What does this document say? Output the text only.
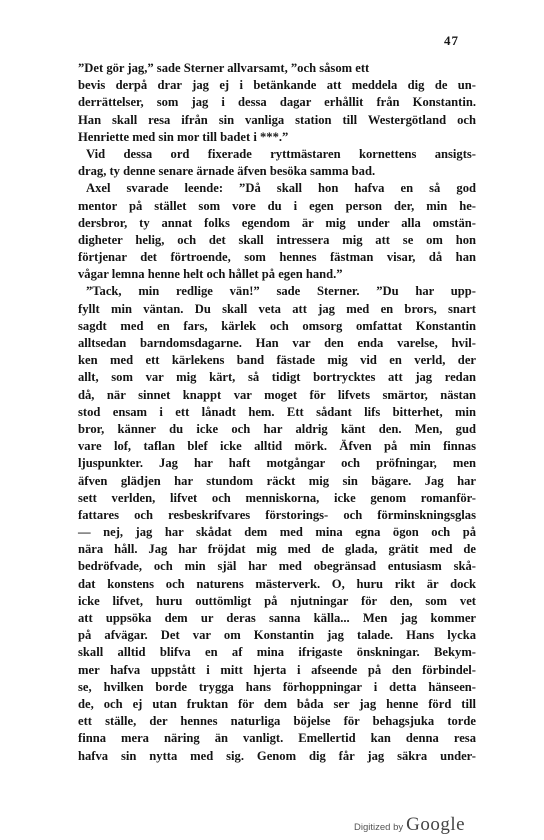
47
”Det gör jag,” sade Sterner allvarsamt, ”och såsom ett
bevis derpå drar jag ej i betänkande att meddela dig de un-
derrättelser, som jag i dessa dagar erhållit från Konstantin.
Han skall resa ifrån sin vanliga station till Westergötland och
Henriette med sin mor till badet i ***.”
Vid dessa ord fixerade ryttmästaren kornettens ansigts-
drag, ty denne senare ärnade äfven besöka samma bad.
Axel svarade leende: ”Då skall hon hafva en så god
mentor på stället som vore du i egen person der, min he-
dersbror, ty annat folks egendom är mig under alla omstän-
digheter helig, och det skall intressera mig att se om hon
förtjenar det förtroende, som hennes fästman visar, då han
vågar lemna henne helt och hållet på egen hand.”
”Tack, min redlige vän!” sade Sterner. ”Du har upp-
fyllt min väntan. Du skall veta att jag med en brors, snart
sagdt med en fars, kärlek och omsorg omfattat Konstantin
alltsedan barndomsdagarne. Han var den enda varelse, hvil-
ken med ett kärlekens band fästade mig vid en verld, der
allt, som var mig kärt, så tidigt bortrycktes att jag redan
då, när sinnet knappt var moget för lifvets smärtor, nästan
stod ensam i ett lånadt hem. Ett sådant lifs bitterhet, min
bror, känner du icke och har aldrig känt den. Men, gud
vare lof, taflan blef icke alltid mörk. Äfven på min finnas
ljuspunkter. Jag har haft motgångar och pröfningar, men
äfven glädjen har stundom räckt mig sin bägare. Jag har
sett verlden, lifvet och menniskorna, icke genom romanför-
fattares och resbeskrifvares förstorings- och förminskningsglas
— nej, jag har skådat dem med mina egna ögon och på
nära håll. Jag har fröjdat mig med de glada, grätit med de
bedröfvade, och min själ har med obegränsad entusiasm skå-
dat konstens och naturens mästerverk. O, huru rikt är dock
icke lifvet, huru outtömligt på njutningar för den, som vet
att uppsöka dem ur deras sanna källa... Men jag kommer
på afvägar. Det var om Konstantin jag talade. Hans lycka
skall alltid blifva en af mina ifrigaste önskningar. Bekym-
mer hafva uppstått i mitt hjerta i afseende på den förbindel-
se, hvilken borde trygga hans förhoppningar i detta hänseen-
de, och ej utan fruktan för dem båda ser jag henne förd till
ett ställe, der hennes naturliga böjelse för behagsjuka torde
finna mera näring än vanligt. Emellertid kan denna resa
hafva sin nytta med sig. Genom dig får jag säkra under-
Digitized by Google
